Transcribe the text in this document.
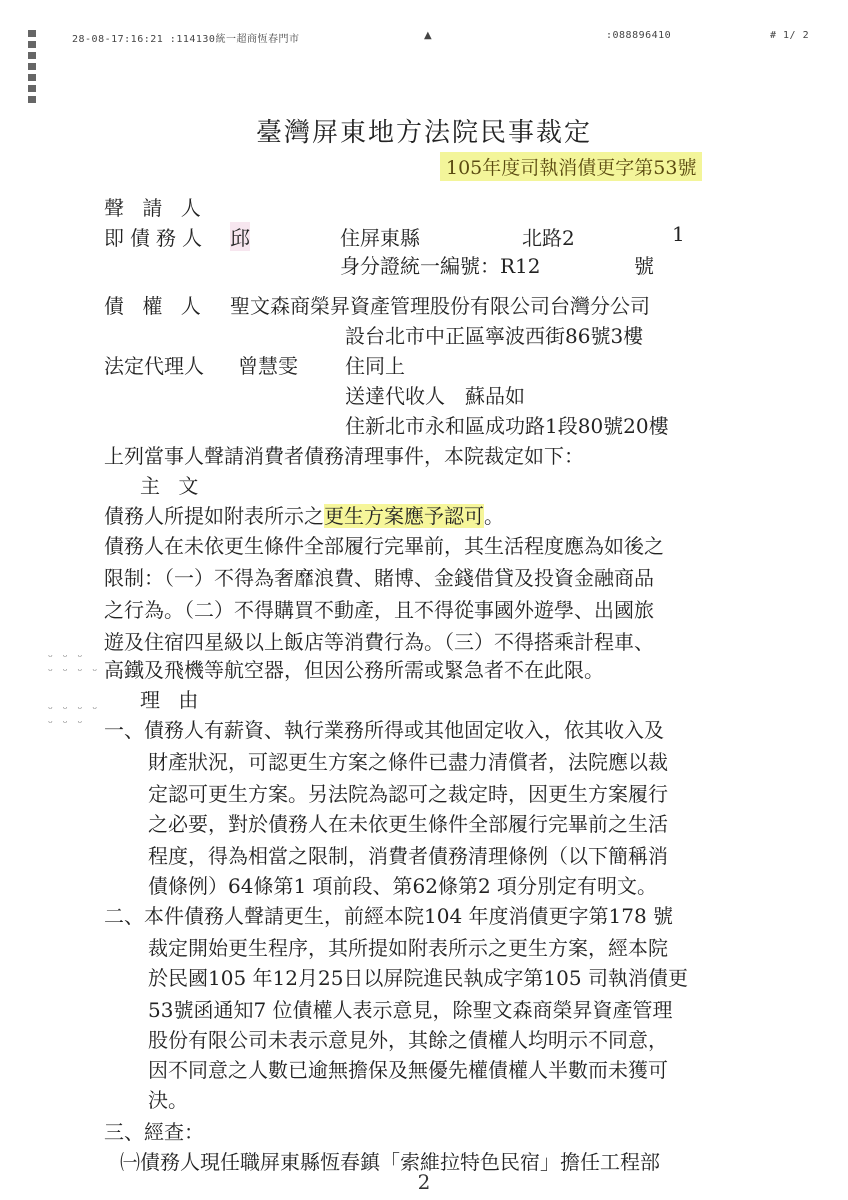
28-08-17:16:21 :114130統一超商恆春門市	▲	:088896410	# 1/ 2
臺灣屏東地方法院民事裁定
105年度司執消債更字第53號
聲 請 人
即債務人 邱	住屏東縣	北路2	1
身分證統一編號：R12	號
債 權 人 聖文森商榮昇資產管理股份有限公司台灣分公司
設台北市中正區寧波西街86號3樓
法定代理人 曾慧雯 住同上
送達代收人　蘇品如
住新北市永和區成功路1段80號20樓
上列當事人聲請消費者債務清理事件，本院裁定如下：
主 文
債務人所提如附表所示之更生方案應予認可。
債務人在未依更生條件全部履行完畢前，其生活程度應為如後之
限制：（一）不得為奢靡浪費、賭博、金錢借貸及投資金融商品
之行為。（二）不得購買不動產，且不得從事國外遊學、出國旅
遊及住宿四星級以上飯店等消費行為。（三）不得搭乘計程車、
高鐵及飛機等航空器，但因公務所需或緊急者不在此限。
理 由
一、債務人有薪資、執行業務所得或其他固定收入，依其收入及
財產狀況，可認更生方案之條件已盡力清償者，法院應以裁
定認可更生方案。另法院為認可之裁定時，因更生方案履行
之必要，對於債務人在未依更生條件全部履行完畢前之生活
程度，得為相當之限制，消費者債務清理條例（以下簡稱消
債條例）64條第1 項前段、第62條第2 項分別定有明文。
二、本件債務人聲請更生，前經本院104 年度消債更字第178 號
裁定開始更生程序，其所提如附表所示之更生方案，經本院
於民國105 年12月25日以屏院進民執成字第105 司執消債更
53號函通知7 位債權人表示意見，除聖文森商榮昇資產管理
股份有限公司未表示意見外，其餘之債權人均明示不同意，
因不同意之人數已逾無擔保及無優先權債權人半數而未獲可
決。
三、經查：
㈠債務人現任職屏東縣恆春鎮「索維拉特色民宿」擔任工程部
ᵕ ᵕ ᵕ
ᵕ ᵕ ᵕ ᵕ
ᵕ ᵕ ᵕ ᵕ
ᵕ ᵕ ᵕ
2
